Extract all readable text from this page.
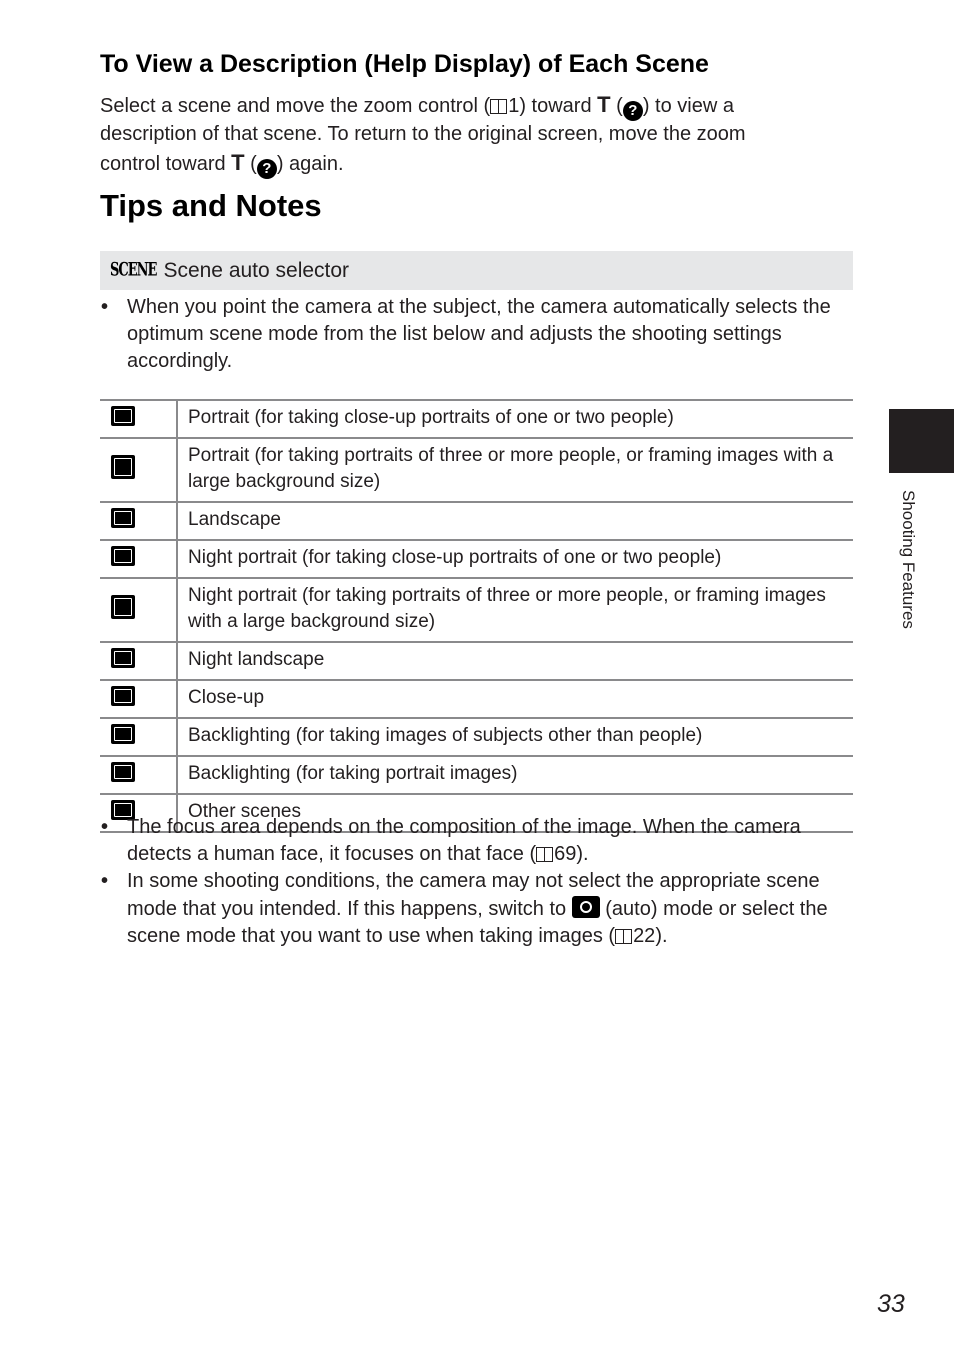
To View a Description (Help Display) of Each Scene

Select a scene and move the zoom control ( 1) toward T ( ? ) to view a

description of that scene. To return to the original screen, move the zoom

control toward T ( ? ) again.

Tips and Notes
SCENE Scene auto selector
• When you point the camera at the subject, the camera automatically selects the optimum scene mode from the list below and adjusts the shooting settings accordingly.
	Portrait (for taking close-up portraits of one or two people)
	Portrait (for taking portraits of three or more people, or framing images with a large background size)
	Landscape
	Night portrait (for taking close-up portraits of one or two people)
	Night portrait (for taking portraits of three or more people, or framing images with a large background size)
	Night landscape
	Close-up
	Backlighting (for taking images of subjects other than people)
	Backlighting (for taking portrait images)
	Other scenes
• The focus area depends on the composition of the image. When the camera detects a human face, it focuses on that face ( 69).
• In some shooting conditions, the camera may not select the appropriate scene mode that you intended. If this happens, switch to  (auto) mode or select the scene mode that you want to use when taking images ( 22).
Shooting Features
33
